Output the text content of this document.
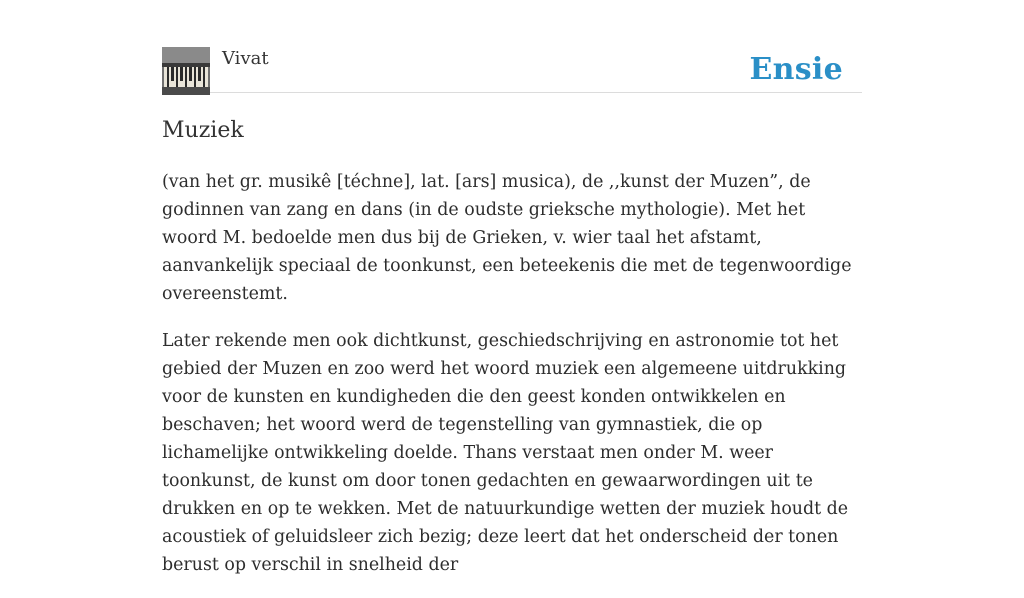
Vivat	Ensie
Muziek

(van het gr. musikê [téchne], lat. [ars] musica), de ,,kunst der Muzen”, de godinnen van zang en dans (in de oudste grieksche mythologie). Met het woord M. bedoelde men dus bij de Grieken, v. wier taal het afstamt, aanvankelijk speciaal de toonkunst, een beteekenis die met de tegenwoordige overeenstemt.

Later rekende men ook dichtkunst, geschiedschrijving en astronomie tot het gebied der Muzen en zoo werd het woord muziek een algemeene uitdrukking voor de kunsten en kundigheden die den geest konden ontwikkelen en beschaven; het woord werd de tegenstelling van gymnastiek, die op lichamelijke ontwikkeling doelde. Thans verstaat men onder M. weer toonkunst, de kunst om door tonen gedachten en gewaarwordingen uit te drukken en op te wekken. Met de natuurkundige wetten der muziek houdt de acoustiek of geluidsleer zich bezig; deze leert dat het onderscheid der tonen berust op verschil in snelheid der
